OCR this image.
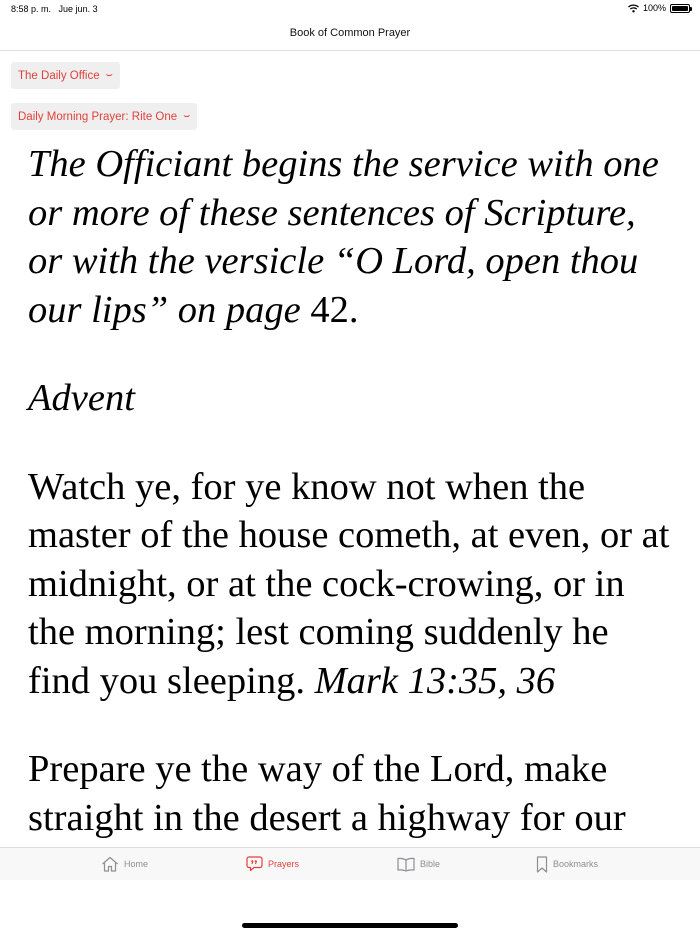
8:58 p. m. Jue jun. 3	100%
Book of Common Prayer
The Daily Office ⌣
Daily Morning Prayer: Rite One ⌣

The Officiant begins the service with one or more of these sentences of Scripture, or with the versicle “O Lord, open thou our lips” on page 42.

Advent

Watch ye, for ye know not when the master of the house cometh, at even, or at midnight, or at the cock-crowing, or in the morning; lest coming suddenly he find you sleeping. Mark 13:35, 36

Prepare ye the way of the Lord, make straight in the desert a highway for our

Home	Prayers	Bible	Bookmarks
